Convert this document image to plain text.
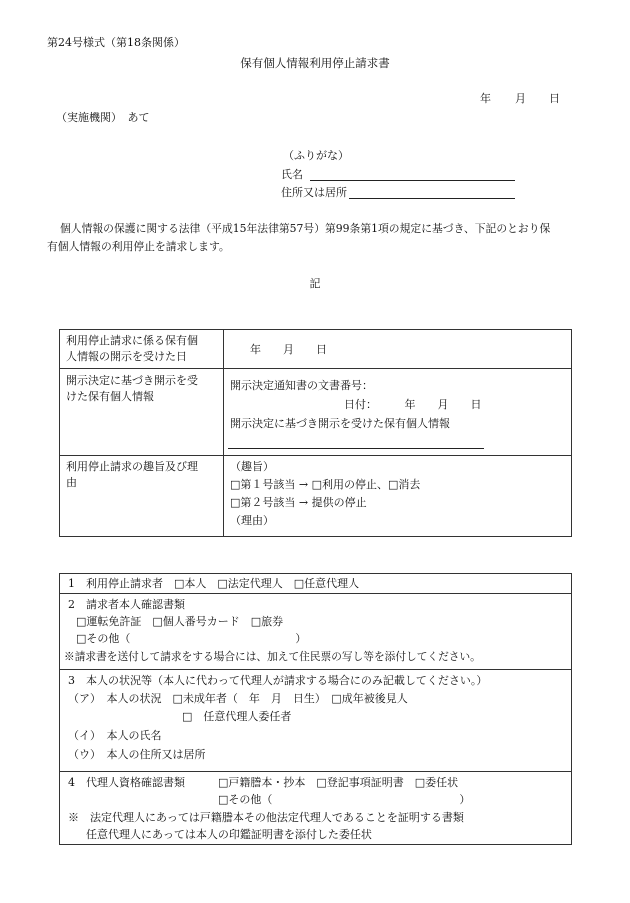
第24号様式（第18条関係）
保有個人情報利用停止請求書
年 月 日
（実施機関）　あて
（ふりがな）
氏名
住所又は居所
個人情報の保護に関する法律（平成15年法律第57号）第99条第1項の規定に基づき、下記のとおり保
有個人情報の利用停止を請求します。
記
利用停止請求に係る保有個
人情報の開示を受けた日
年　　月　　日
開示決定に基づき開示を受
けた保有個人情報
開示決定通知書の文書番号：
日付：　　　年　　月　　日
開示決定に基づき開示を受けた保有個人情報
利用停止請求の趣旨及び理
由
（趣旨）
□第１号該当 → □利用の停止、□消去
□第２号該当 → 提供の停止
（理由）
1　利用停止請求者　□本人　□法定代理人　□任意代理人
2　請求者本人確認書類
□運転免許証　□個人番号カード　□旅券
□その他（　　　　　　　　　　　　　　　）
※請求書を送付して請求をする場合には、加えて住民票の写し等を添付してください。
3　本人の状況等（本人に代わって代理人が請求する場合にのみ記載してください。）
（ア）　本人の状況　□未成年者（　年　月　日生）　□成年被後見人
□　任意代理人委任者
（イ）　本人の氏名
（ウ）　本人の住所又は居所
4　代理人資格確認書類	□戸籍謄本・抄本　□登記事項証明書　□委任状
□その他（　　　　　　　　　　　　　　　　　）
※　法定代理人にあっては戸籍謄本その他法定代理人であることを証明する書類
任意代理人にあっては本人の印鑑証明書を添付した委任状
